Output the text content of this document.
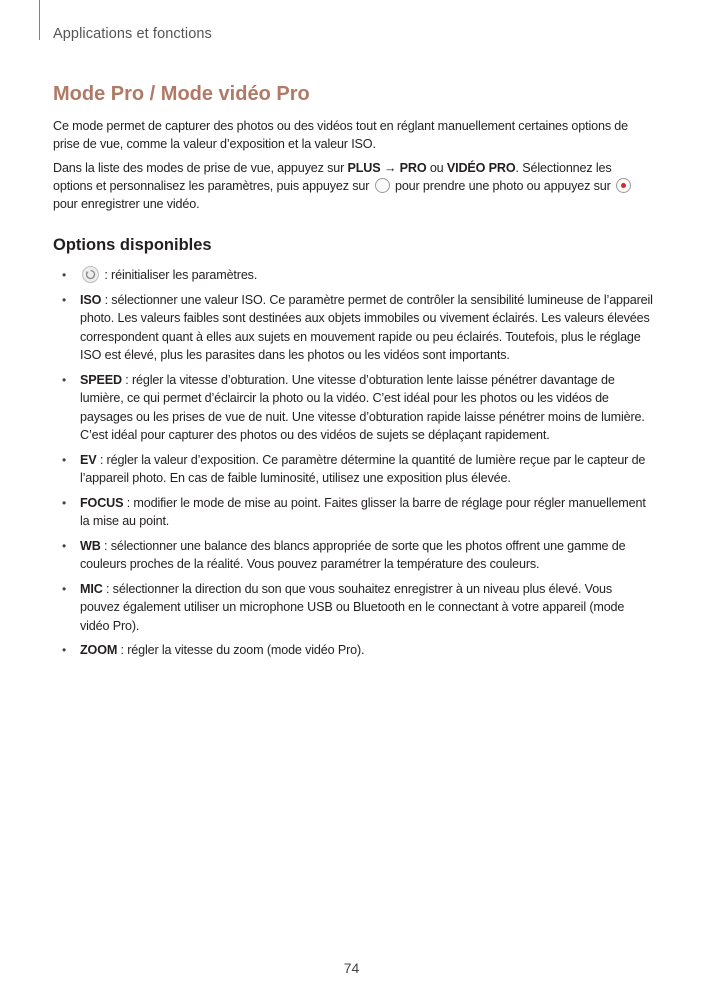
Applications et fonctions
Mode Pro / Mode vidéo Pro

Ce mode permet de capturer des photos ou des vidéos tout en réglant manuellement certaines options de prise de vue, comme la valeur d’exposition et la valeur ISO.

Dans la liste des modes de prise de vue, appuyez sur PLUS → PRO ou VIDÉO PRO. Sélectionnez les options et personnalisez les paramètres, puis appuyez sur  pour prendre une photo ou appuyez sur  pour enregistrer une vidéo.

Options disponibles
•	: réinitialiser les paramètres.
• ISO : sélectionner une valeur ISO. Ce paramètre permet de contrôler la sensibilité lumineuse de l’appareil photo. Les valeurs faibles sont destinées aux objets immobiles ou vivement éclairés. Les valeurs élevées correspondent quant à elles aux sujets en mouvement rapide ou peu éclairés. Toutefois, plus le réglage ISO est élevé, plus les parasites dans les photos ou les vidéos sont importants.
• SPEED : régler la vitesse d’obturation. Une vitesse d’obturation lente laisse pénétrer davantage de lumière, ce qui permet d’éclaircir la photo ou la vidéo. C’est idéal pour les photos ou les vidéos de paysages ou les prises de vue de nuit. Une vitesse d’obturation rapide laisse pénétrer moins de lumière. C’est idéal pour capturer des photos ou des vidéos de sujets se déplaçant rapidement.
• EV : régler la valeur d’exposition. Ce paramètre détermine la quantité de lumière reçue par le capteur de l’appareil photo. En cas de faible luminosité, utilisez une exposition plus élevée.
• FOCUS : modifier le mode de mise au point. Faites glisser la barre de réglage pour régler manuellement la mise au point.
• WB : sélectionner une balance des blancs appropriée de sorte que les photos offrent une gamme de couleurs proches de la réalité. Vous pouvez paramétrer la température des couleurs.
• MIC : sélectionner la direction du son que vous souhaitez enregistrer à un niveau plus élevé. Vous pouvez également utiliser un microphone USB ou Bluetooth en le connectant à votre appareil (mode vidéo Pro).
• ZOOM : régler la vitesse du zoom (mode vidéo Pro).
74
